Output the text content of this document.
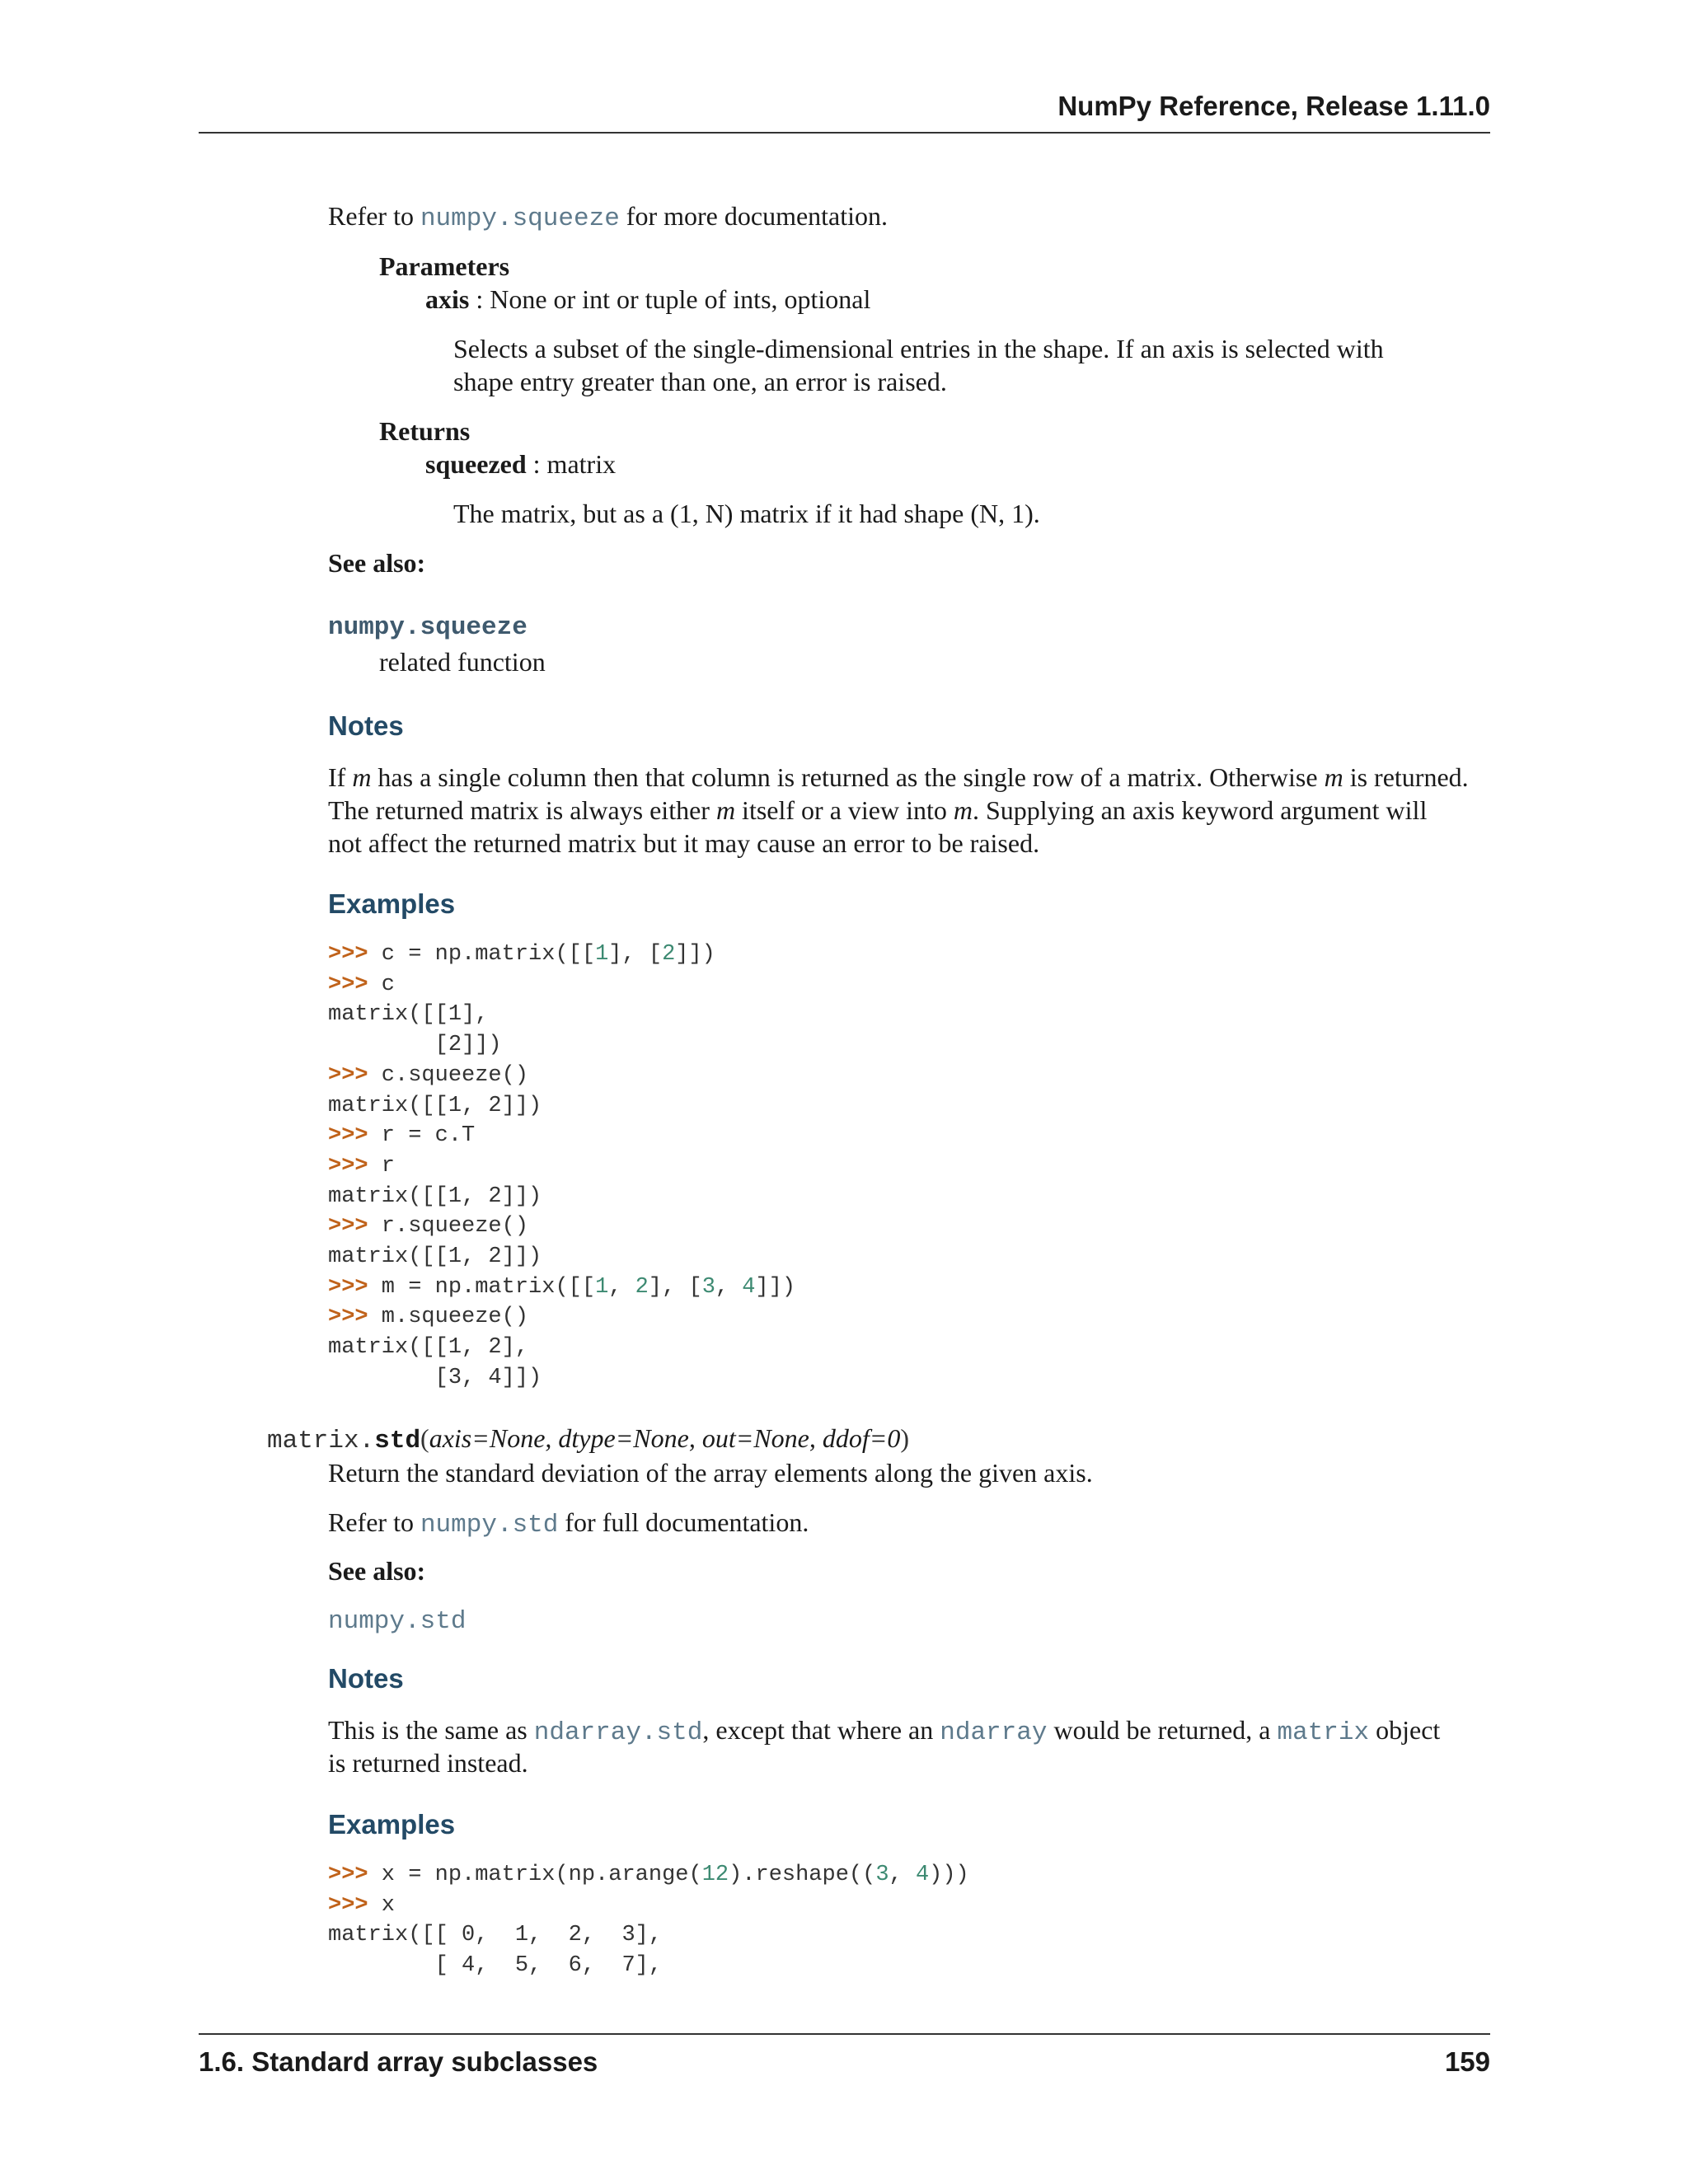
NumPy Reference, Release 1.11.0
Refer to numpy.squeeze for more documentation.
Parameters
axis : None or int or tuple of ints, optional
Selects a subset of the single-dimensional entries in the shape. If an axis is selected with
shape entry greater than one, an error is raised.
Returns
squeezed : matrix
The matrix, but as a (1, N) matrix if it had shape (N, 1).
See also:
numpy.squeeze
related function
Notes
If m has a single column then that column is returned as the single row of a matrix. Otherwise m is returned.
The returned matrix is always either m itself or a view into m. Supplying an axis keyword argument will
not affect the returned matrix but it may cause an error to be raised.
Examples
>>> c = np.matrix([[1], [2]])
>>> c
matrix([[1],
[2]])
>>> c.squeeze()
matrix([[1, 2]])
>>> r = c.T
>>> r
matrix([[1, 2]])
>>> r.squeeze()
matrix([[1, 2]])
>>> m = np.matrix([[1, 2], [3, 4]])
>>> m.squeeze()
matrix([[1, 2],
[3, 4]])
matrix.std(axis=None, dtype=None, out=None, ddof=0)
Return the standard deviation of the array elements along the given axis.
Refer to numpy.std for full documentation.
See also:
numpy.std
Notes
This is the same as ndarray.std, except that where an ndarray would be returned, a matrix object
is returned instead.
Examples
>>> x = np.matrix(np.arange(12).reshape((3, 4)))
>>> x
matrix([[ 0,  1,  2,  3],
[ 4,  5,  6,  7],
1.6. Standard array subclasses	159
